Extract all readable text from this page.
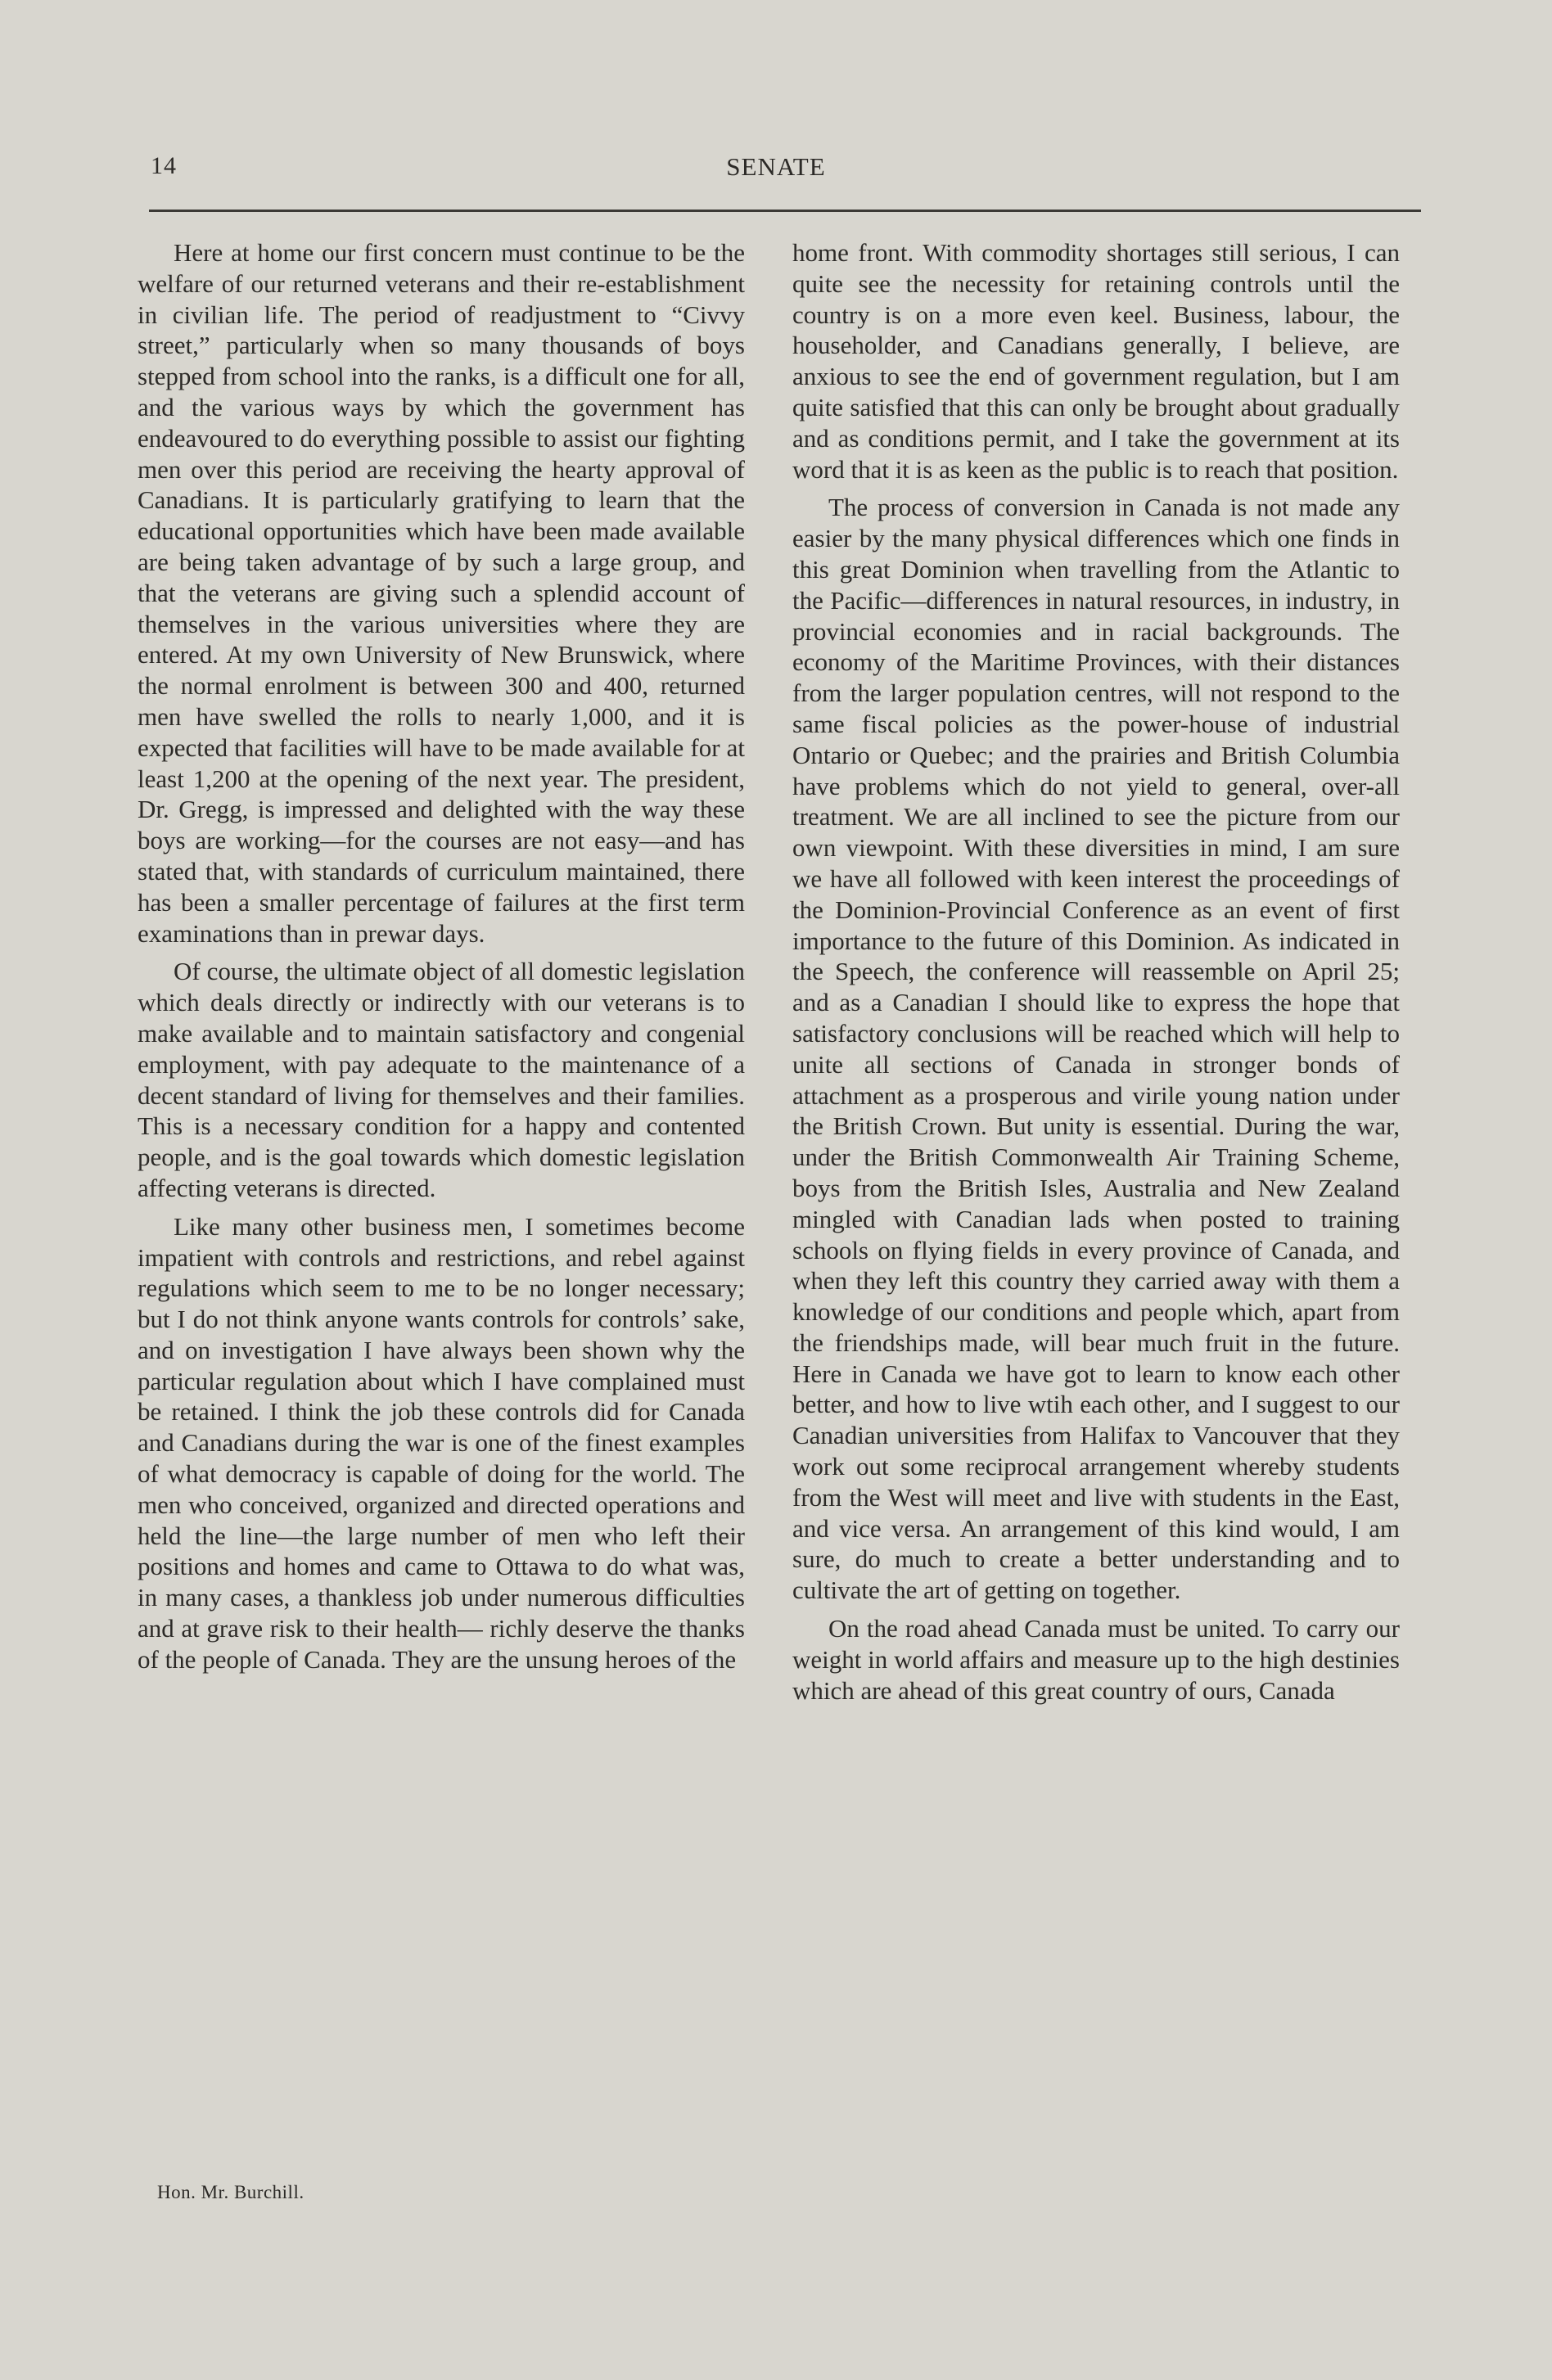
14	SENATE

Here at home our first concern must continue to be the welfare of our returned veterans and their re-establishment in civilian life. The period of readjustment to “Civvy street,” particularly when so many thousands of boys stepped from school into the ranks, is a difficult one for all, and the various ways by which the government has endeavoured to do everything possible to assist our fighting men over this period are receiving the hearty approval of Canadians. It is particularly gratifying to learn that the educational opportunities which have been made available are being taken advantage of by such a large group, and that the veterans are giving such a splendid account of themselves in the various universities where they are entered. At my own University of New Brunswick, where the normal enrolment is between 300 and 400, returned men have swelled the rolls to nearly 1,000, and it is expected that facilities will have to be made available for at least 1,200 at the opening of the next year. The president, Dr. Gregg, is impressed and delighted with the way these boys are working—for the courses are not easy—and has stated that, with standards of curriculum maintained, there has been a smaller percentage of failures at the first term examinations than in prewar days.

Of course, the ultimate object of all domestic legislation which deals directly or indirectly with our veterans is to make available and to maintain satisfactory and congenial employment, with pay adequate to the maintenance of a decent standard of living for themselves and their families. This is a necessary condition for a happy and contented people, and is the goal towards which domestic legislation affecting veterans is directed.

Like many other business men, I sometimes become impatient with controls and restrictions, and rebel against regulations which seem to me to be no longer necessary; but I do not think anyone wants controls for controls’ sake, and on investigation I have always been shown why the particular regulation about which I have complained must be retained. I think the job these controls did for Canada and Canadians during the war is one of the finest examples of what democracy is capable of doing for the world. The men who conceived, organized and directed operations and held the line—the large number of men who left their positions and homes and came to Ottawa to do what was, in many cases, a thankless job under numerous difficulties and at grave risk to their health— richly deserve the thanks of the people of Canada. They are the unsung heroes of the

home front. With commodity shortages still serious, I can quite see the necessity for retaining controls until the country is on a more even keel. Business, labour, the householder, and Canadians generally, I believe, are anxious to see the end of government regulation, but I am quite satisfied that this can only be brought about gradually and as conditions permit, and I take the government at its word that it is as keen as the public is to reach that position.

The process of conversion in Canada is not made any easier by the many physical differences which one finds in this great Dominion when travelling from the Atlantic to the Pacific—differences in natural resources, in industry, in provincial economies and in racial backgrounds. The economy of the Maritime Provinces, with their distances from the larger population centres, will not respond to the same fiscal policies as the power-house of industrial Ontario or Quebec; and the prairies and British Columbia have problems which do not yield to general, over-all treatment. We are all inclined to see the picture from our own viewpoint. With these diversities in mind, I am sure we have all followed with keen interest the proceedings of the Dominion-Provincial Conference as an event of first importance to the future of this Dominion. As indicated in the Speech, the conference will reassemble on April 25; and as a Canadian I should like to express the hope that satisfactory conclusions will be reached which will help to unite all sections of Canada in stronger bonds of attachment as a prosperous and virile young nation under the British Crown. But unity is essential. During the war, under the British Commonwealth Air Training Scheme, boys from the British Isles, Australia and New Zealand mingled with Canadian lads when posted to training schools on flying fields in every province of Canada, and when they left this country they carried away with them a knowledge of our conditions and people which, apart from the friendships made, will bear much fruit in the future. Here in Canada we have got to learn to know each other better, and how to live wtih each other, and I suggest to our Canadian universities from Halifax to Vancouver that they work out some reciprocal arrangement whereby students from the West will meet and live with students in the East, and vice versa. An arrangement of this kind would, I am sure, do much to create a better understanding and to cultivate the art of getting on together.

On the road ahead Canada must be united. To carry our weight in world affairs and measure up to the high destinies which are ahead of this great country of ours, Canada

Hon. Mr. Burchill.
